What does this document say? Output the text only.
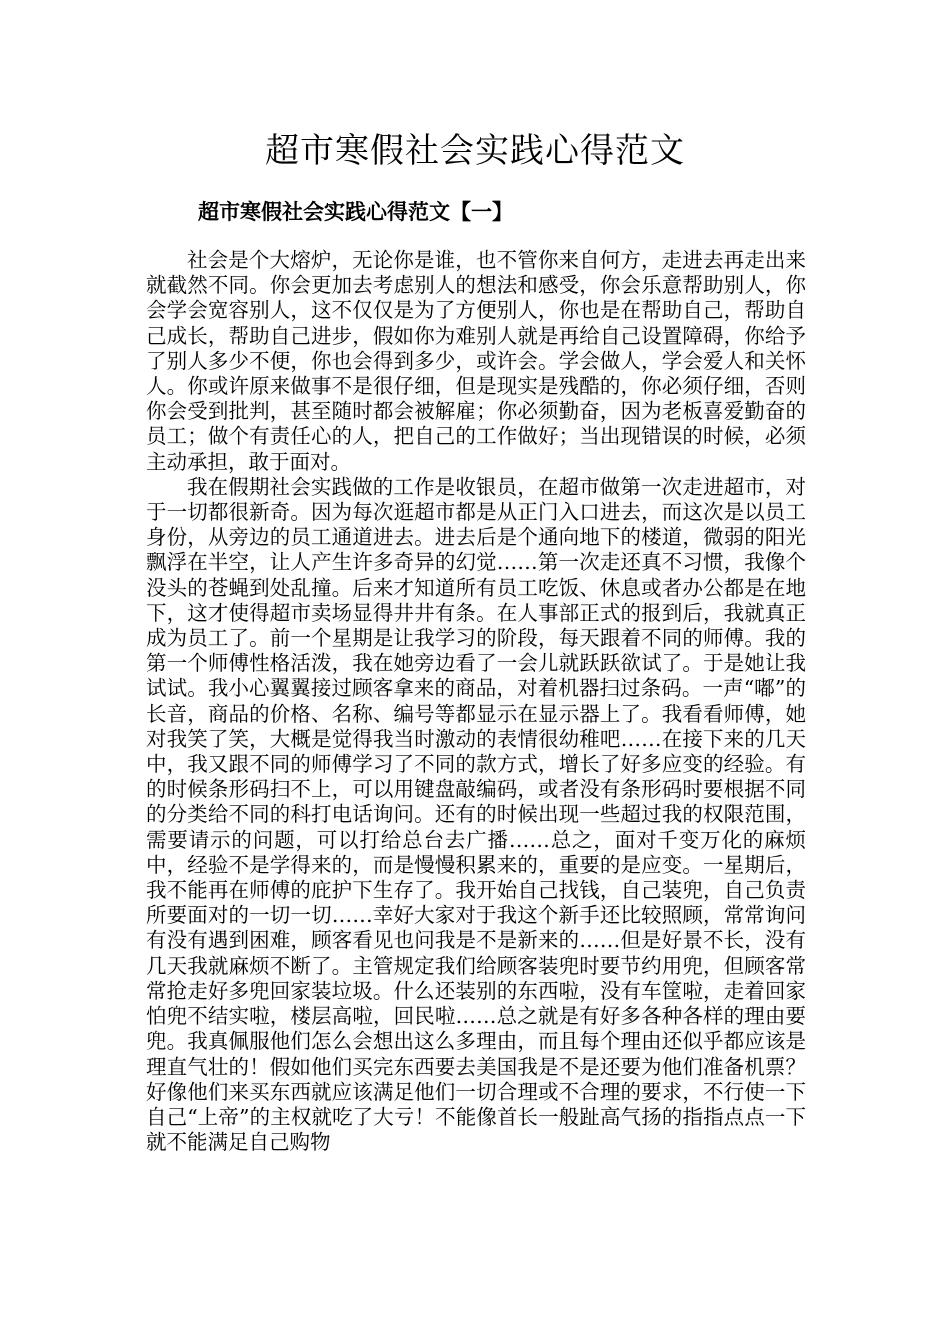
超市寒假社会实践心得范文
超市寒假社会实践心得范文【一】

社会是个大熔炉，无论你是谁，也不管你来自何方，走进去再走出来就截然不同。你会更加去考虑别人的想法和感受，你会乐意帮助别人，你会学会宽容别人，这不仅仅是为了方便别人，你也是在帮助自己，帮助自己成长，帮助自己进步，假如你为难别人就是再给自己设置障碍，你给予了别人多少不便，你也会得到多少，或许会。学会做人，学会爱人和关怀人。你或许原来做事不是很仔细，但是现实是残酷的，你必须仔细，否则你会受到批判，甚至随时都会被解雇；你必须勤奋，因为老板喜爱勤奋的员工；做个有责任心的人，把自己的工作做好；当出现错误的时候，必须主动承担，敢于面对。

我在假期社会实践做的工作是收银员，在超市做第一次走进超市，对于一切都很新奇。因为每次逛超市都是从正门入口进去，而这次是以员工身份，从旁边的员工通道进去。进去后是个通向地下的楼道，微弱的阳光飘浮在半空，让人产生许多奇异的幻觉……第一次走还真不习惯，我像个没头的苍蝇到处乱撞。后来才知道所有员工吃饭、休息或者办公都是在地下，这才使得超市卖场显得井井有条。在人事部正式的报到后，我就真正成为员工了。前一个星期是让我学习的阶段，每天跟着不同的师傅。我的第一个师傅性格活泼，我在她旁边看了一会儿就跃跃欲试了。于是她让我试试。我小心翼翼接过顾客拿来的商品，对着机器扫过条码。一声“嘟”的长音，商品的价格、名称、编号等都显示在显示器上了。我看看师傅，她对我笑了笑，大概是觉得我当时激动的表情很幼稚吧……在接下来的几天中，我又跟不同的师傅学习了不同的款方式，增长了好多应变的经验。有的时候条形码扫不上，可以用键盘敲编码，或者没有条形码时要根据不同的分类给不同的科打电话询问。还有的时候出现一些超过我的权限范围，需要请示的问题，可以打给总台去广播……总之，面对千变万化的麻烦中，经验不是学得来的，而是慢慢积累来的，重要的是应变。一星期后，我不能再在师傅的庇护下生存了。我开始自己找钱，自己装兜，自己负责所要面对的一切一切……幸好大家对于我这个新手还比较照顾，常常询问有没有遇到困难，顾客看见也问我是不是新来的……但是好景不长，没有几天我就麻烦不断了。主管规定我们给顾客装兜时要节约用兜，但顾客常常抢走好多兜回家装垃圾。什么还装别的东西啦，没有车筐啦，走着回家怕兜不结实啦，楼层高啦，回民啦……总之就是有好多各种各样的理由要兜。我真佩服他们怎么会想出这么多理由，而且每个理由还似乎都应该是理直气壮的！假如他们买完东西要去美国我是不是还要为他们准备机票？好像他们来买东西就应该满足他们一切合理或不合理的要求，不行使一下自己“上帝”的主权就吃了大亏！不能像首长一般趾高气扬的指指点点一下就不能满足自己购物
